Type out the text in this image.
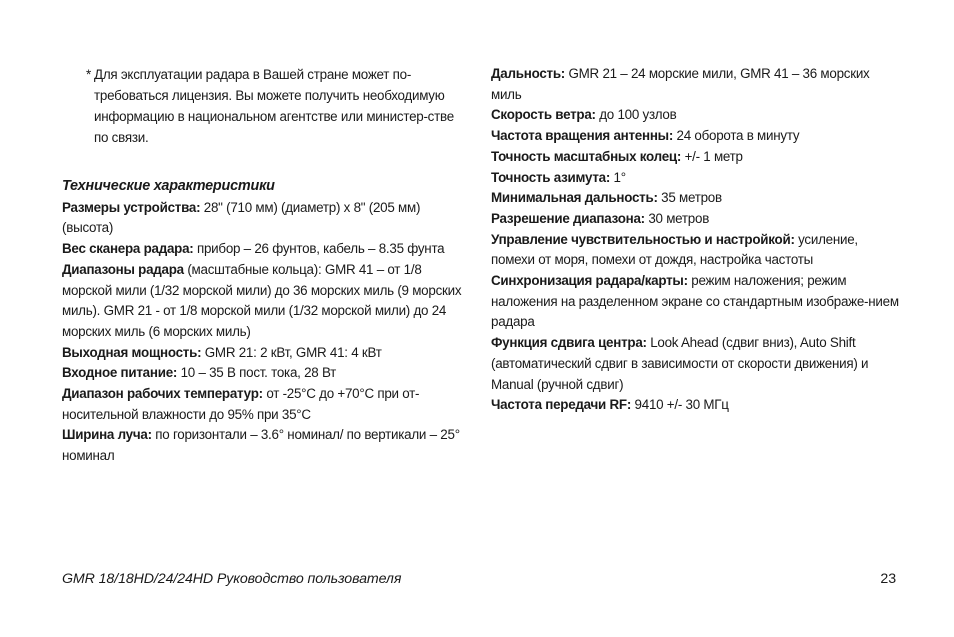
* Для эксплуатации радара в Вашей стране может по-требоваться лицензия. Вы можете получить необходимую информацию в национальном агентстве или министер-стве по связи.
Технические характеристики

Размеры устройства: 28" (710 мм) (диаметр) x 8" (205 мм) (высота)

Вес сканера радара: прибор – 26 фунтов, кабель – 8.35 фунта

Диапазоны радара (масштабные кольца): GMR 41 – от 1/8 морской мили (1/32 морской мили) до 36 морских миль (9 морских миль). GMR 21 - от 1/8 морской мили (1/32 морской мили) до 24 морских миль (6 морских миль)

Выходная мощность: GMR 21: 2 кВт, GMR 41: 4 кВт

Входное питание: 10 – 35 В пост. тока, 28 Вт

Диапазон рабочих температур: от -25°C до +70°C при от-носительной влажности до 95% при 35°C

Ширина луча: по горизонтали – 3.6° номинал/ по вертикали – 25° номинал

Дальность: GMR 21 – 24 морские мили, GMR 41 – 36 морских миль

Скорость ветра: до 100 узлов

Частота вращения антенны: 24 оборота в минуту

Точность масштабных колец: +/- 1 метр

Точность азимута: 1°

Минимальная дальность: 35 метров

Разрешение диапазона: 30 метров

Управление чувствительностью и настройкой: усиление, помехи от моря, помехи от дождя, настройка частоты

Синхронизация радара/карты: режим наложения; режим наложения на разделенном экране со стандартным изображе-нием радара

Функция сдвига центра: Look Ahead (сдвиг вниз), Auto Shift (автоматический сдвиг в зависимости от скорости движения) и Manual (ручной сдвиг)

Частота передачи RF: 9410 +/- 30 МГц

GMR 18/18HD/24/24HD Руководство пользователя	23
